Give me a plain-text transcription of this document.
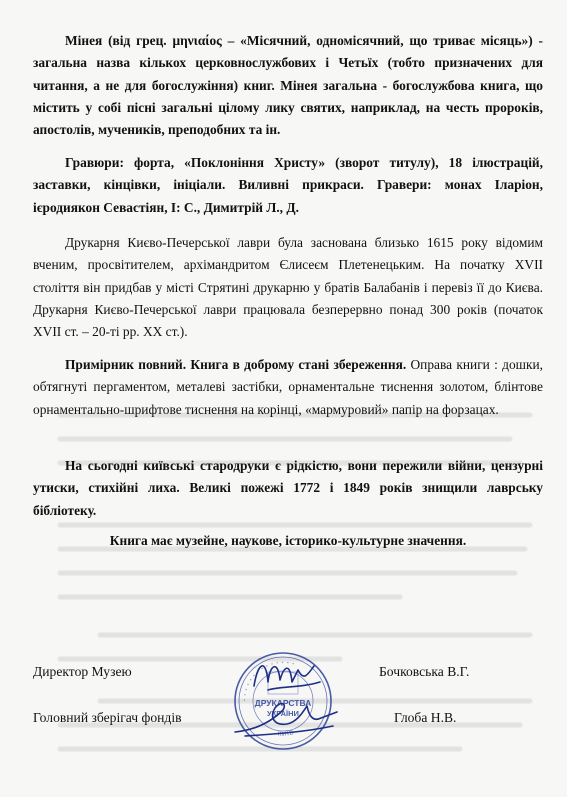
Мінея (від грец. μηνιαίος – «Місячний, одномісячний, що триває місяць») - загальна назва кількох церковнослужбових і Четьїх (тобто призначених для читання, а не для богослужіння) книг. Мінея загальна - богослужбова книга, що містить у собі пісні загальні цілому лику святих, наприклад, на честь пророків, апостолів, мучеників, преподобних та ін.

Гравюри: форта, «Поклоніння Христу» (зворот титулу), 18 ілюстрацій, заставки, кінцівки, ініціали. Виливні прикраси. Гравери: монах Іларіон, ієродиякон Севастіян, І: С., Димитрій Л., Д.

Друкарня Києво-Печерської лаври була заснована близько 1615 року відомим вченим, просвітителем, архімандритом Єлисеєм Плетенецьким. На початку XVII століття він придбав у місті Стрятині друкарню у братів Балабанів і перевіз її до Києва. Друкарня Києво-Печерської лаври працювала безперервно понад 300 років (початок XVII ст. – 20-ті рр. XX ст.).

Примірник повний. Книга в доброму стані збереження. Оправа книги : дошки, обтягнуті пергаментом, металеві застібки, орнаментальне тиснення золотом, блінтове орнаментально-шрифтове тиснення на корінці, «мармуровий» папір на форзацах.

На сьогодні київські стародруки є рідкістю, вони пережили війни, цензурні утиски, стихійні лиха. Великі пожежі 1772 і 1849 років знищили лаврську бібліотеку.

Книга має музейне, наукове, історико-культурне значення.

Директор Музею	Бочковська В.Г.
Головний зберігач фондів	Глоба Н.В.
• • • • • • • • • • • • • •
КИЇВ
ДРУКАРСТВА
УКРАЇНИ
